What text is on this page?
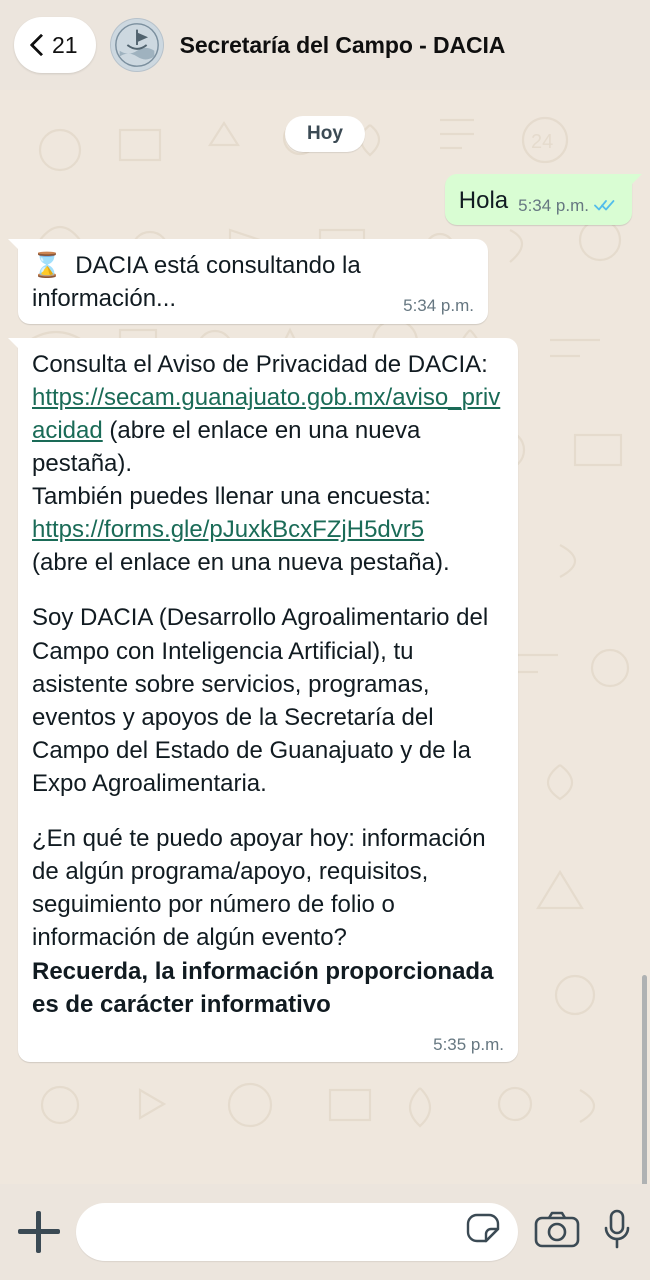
21	Secretaría del Campo - DACIA
24
Hoy
Hola 5:34 p.m.
⌛  DACIA está consultando la información...	5:34 p.m.
Consulta el Aviso de Privacidad de DACIA: https://secam.guanajuato.gob.mx/aviso_privacidad (abre el enlace en una nueva pestaña).
También puedes llenar una encuesta:
https://forms.gle/pJuxkBcxFZjH5dvr5
(abre el enlace en una nueva pestaña).
Soy DACIA (Desarrollo Agroalimentario del Campo con Inteligencia Artificial), tu asistente sobre servicios, programas, eventos y apoyos de la Secretaría del Campo del Estado de Guanajuato y de la Expo Agroalimentaria.
¿En qué te puedo apoyar hoy: información de algún programa/apoyo, requisitos, seguimiento por número de folio o información de algún evento?
Recuerda, la información proporcionada es de carácter informativo
5:35 p.m.
